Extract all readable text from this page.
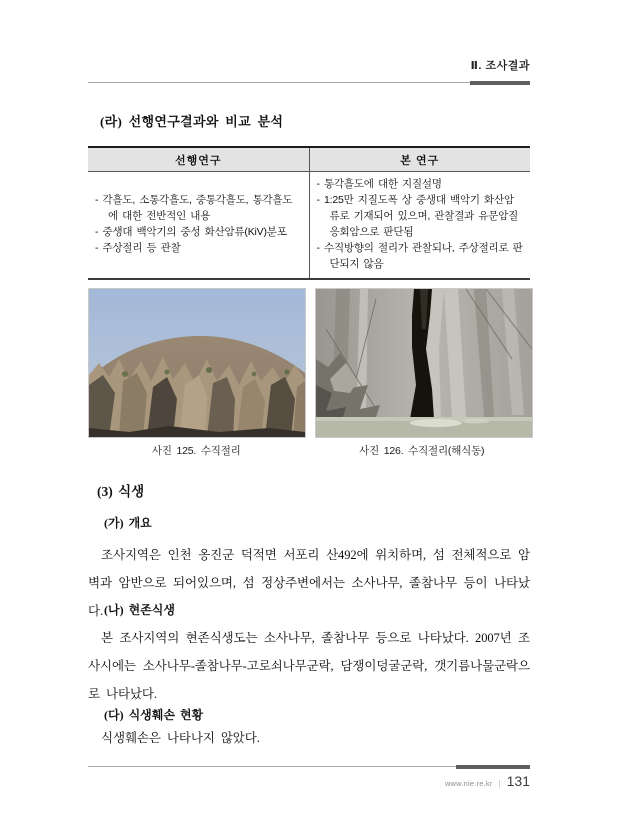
Ⅱ. 조사결과
(라) 선행연구결과와 비교 분석
선행연구	본 연구
- 각흘도, 소통각흘도, 중통각흘도, 통각흘도에 대한 전반적인 내용
- 중생대 백악기의 중성 화산암류(KiV)분포
- 주상절리 등 관찰
- 통각흘도에 대한 지질설명
- 1:25만 지질도폭 상 중생대 백악기 화산암류로 기재되어 있으며, 관찰결과 유문암질 응회암으로 판단됨
- 수직방향의 절리가 관찰되나, 주상절리로 판단되지 않음
사진 125. 수직절리	사진 126. 수직절리(해식동)
(3) 식생
(가) 개요
조사지역은 인천 옹진군 덕적면 서포리 산492에 위치하며, 섬 전체적으로 암벽과 암반으로 되어있으며, 섬 정상주변에서는 소사나무, 졸참나무 등이 나타났다. (나) 현존식생
본 조사지역의 현존식생도는 소사나무, 졸참나무 등으로 나타났다. 2007년 조사시에는 소사나무-졸참나무-고로쇠나무군락, 담쟁이덩굴군락, 갯기름나물군락으로 나타났다.
(다) 식생훼손 현황
식생훼손은 나타나지 않았다.
www.nie.re.kr | 131
